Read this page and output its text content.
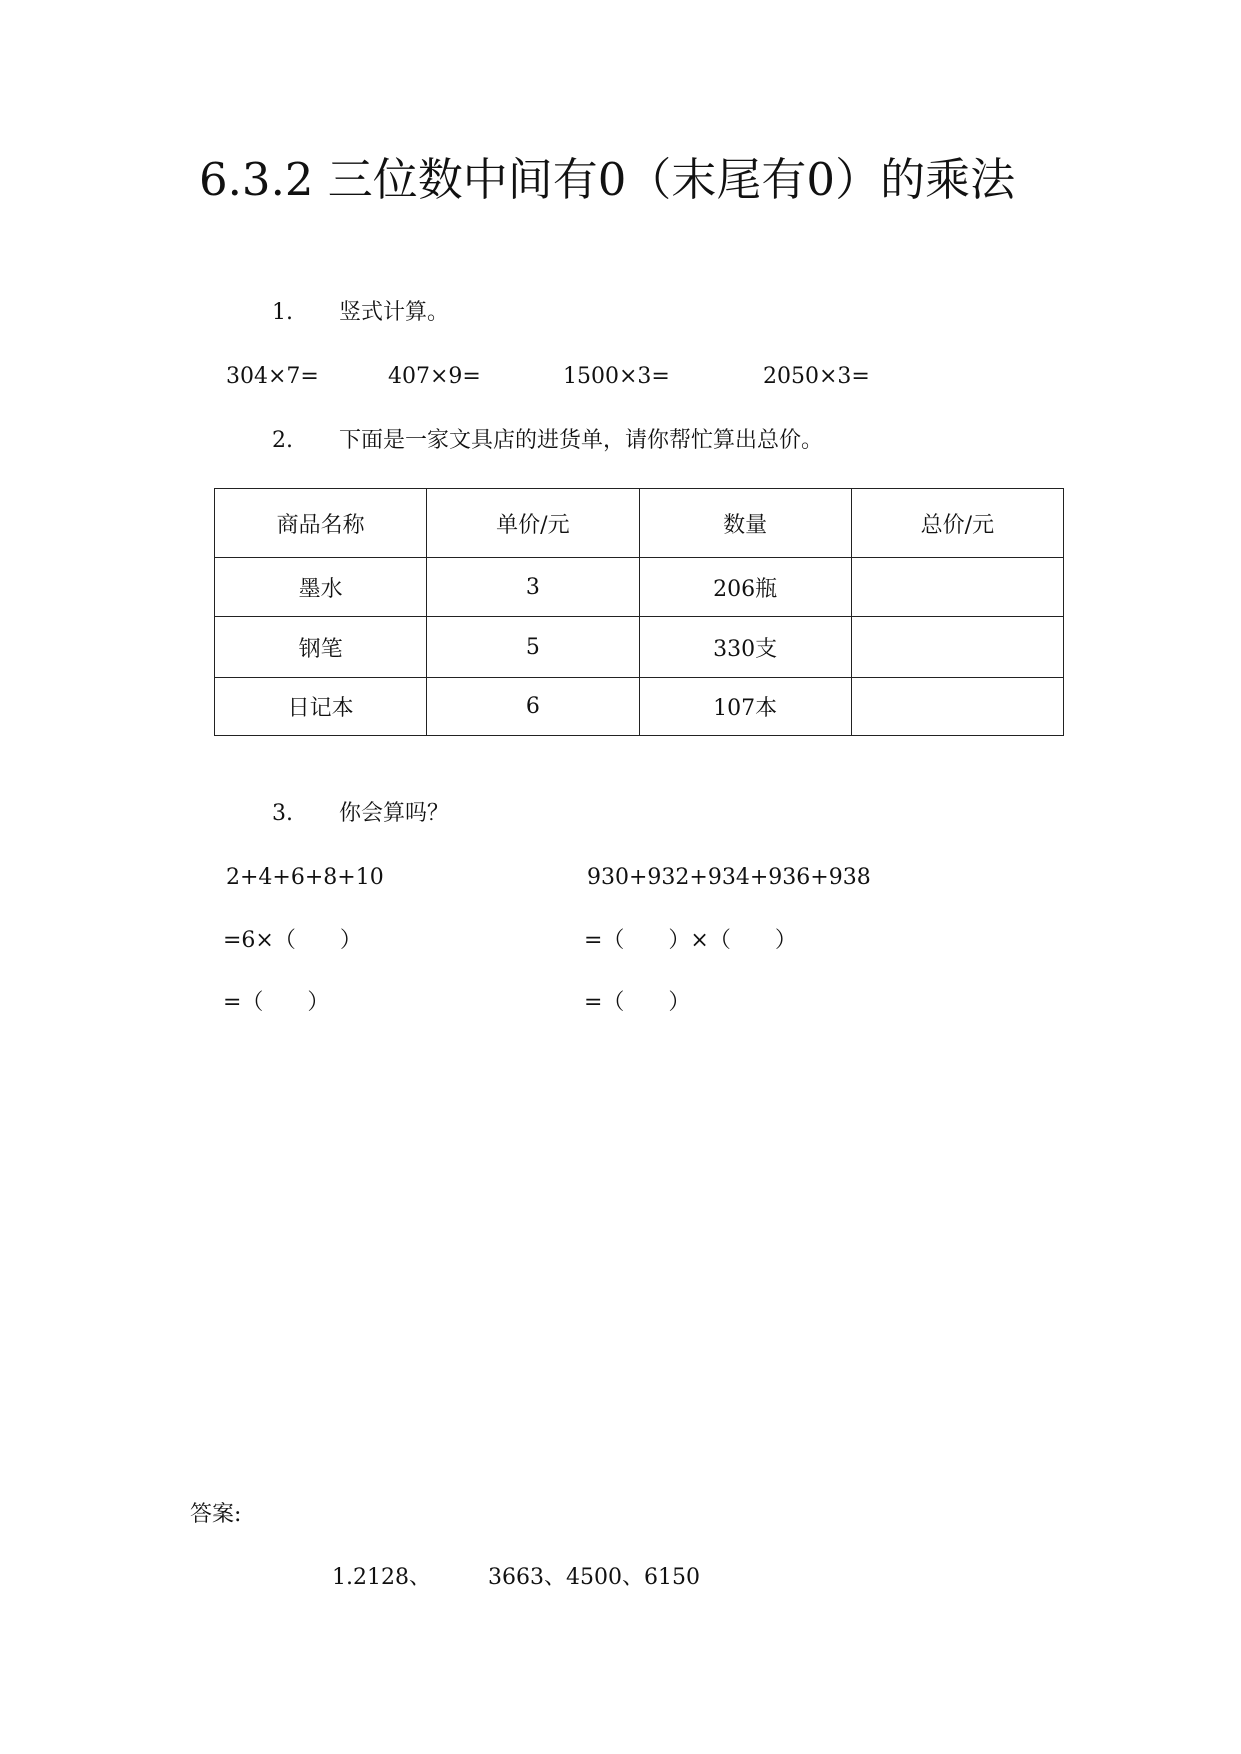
6.3.2 三位数中间有0（末尾有0）的乘法
1. 竖式计算。
304×7=	407×9=	1500×3=	2050×3=
2. 下面是一家文具店的进货单，请你帮忙算出总价。
商品名称	单价/元	数量	总价/元
墨水	3	206瓶	
钢笔	5	330支	
日记本	6	107本	
3. 你会算吗？
2+4+6+8+10
=6×（　　）
=（　　）
930+932+934+936+938
=（　　）×（　　）
=（　　）
答案:
1.2128、	3663、4500、6150
